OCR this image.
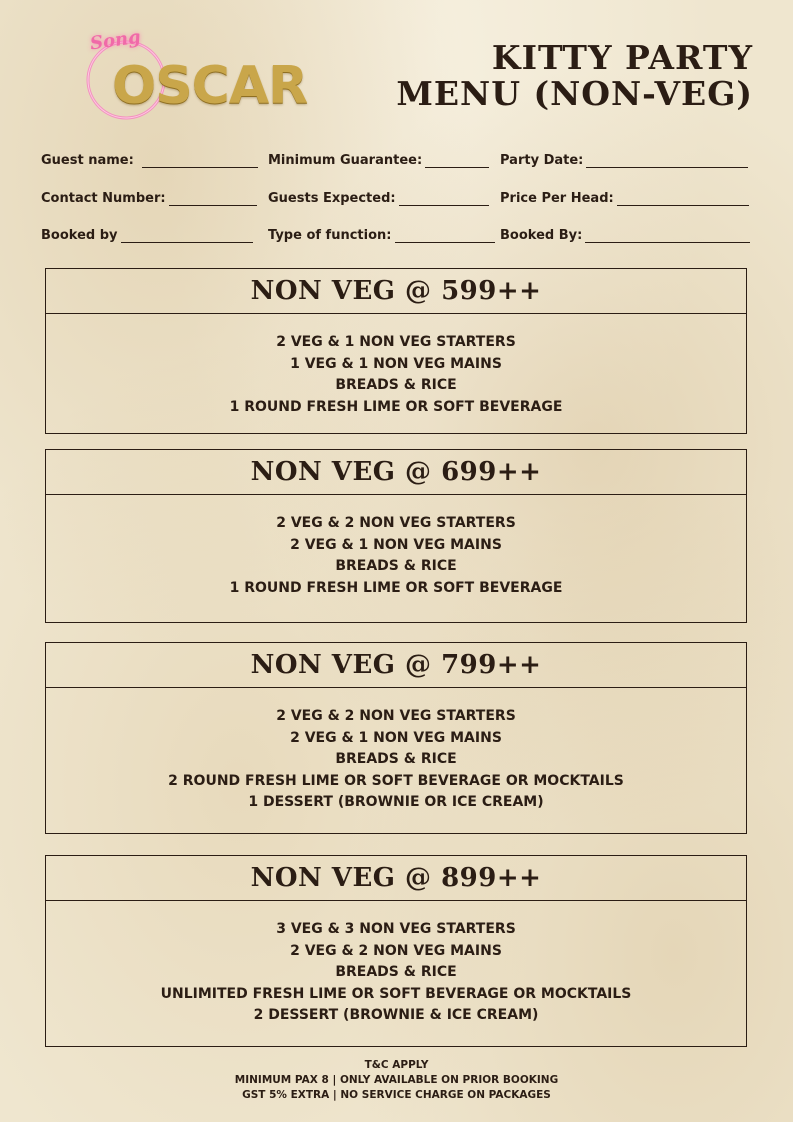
Song
OSCAR	KITTY PARTY
MENU (NON-VEG)
Guest name:	Minimum Guarantee:	Party Date:
Contact Number:	Guests Expected:	Price Per Head:
Booked by	Type of function:	Booked By:
NON VEG @ 599++
2 VEG & 1 NON VEG STARTERS
1 VEG & 1 NON VEG MAINS
BREADS & RICE
1 ROUND FRESH LIME OR SOFT BEVERAGE
NON VEG @ 699++
2 VEG & 2 NON VEG STARTERS
2 VEG & 1 NON VEG MAINS
BREADS & RICE
1 ROUND FRESH LIME OR SOFT BEVERAGE
NON VEG @ 799++
2 VEG & 2 NON VEG STARTERS
2 VEG & 1 NON VEG MAINS
BREADS & RICE
2 ROUND FRESH LIME OR SOFT BEVERAGE OR MOCKTAILS
1 DESSERT (BROWNIE OR ICE CREAM)
NON VEG @ 899++
3 VEG & 3 NON VEG STARTERS
2 VEG & 2 NON VEG MAINS
BREADS & RICE
UNLIMITED FRESH LIME OR SOFT BEVERAGE OR MOCKTAILS
2 DESSERT (BROWNIE & ICE CREAM)
T&C APPLY
MINIMUM PAX 8 | ONLY AVAILABLE ON PRIOR BOOKING
GST 5% EXTRA | NO SERVICE CHARGE ON PACKAGES
